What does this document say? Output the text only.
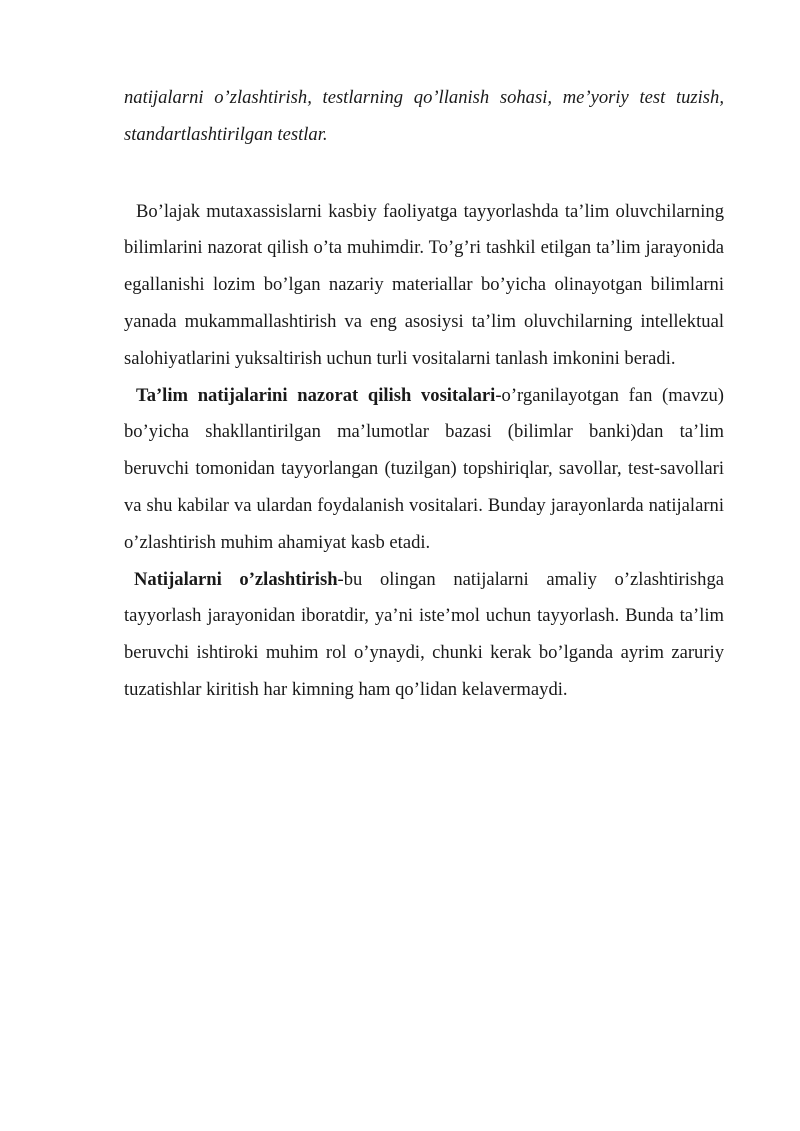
natijalarni o’zlashtirish, testlarning qo’llanish sohasi, me’yoriy test tuzish, standartlashtirilgan testlar.

Bo’lajak mutaxassislarni kasbiy faoliyatga tayyorlashda ta’lim oluvchilarning bilimlarini nazorat qilish o’ta muhimdir. To’g’ri tashkil etilgan ta’lim jarayonida egallanishi lozim bo’lgan nazariy materiallar bo’yicha olinayotgan bilimlarni yanada mukammallashtirish va eng asosiysi ta’lim oluvchilarning intellektual salohiyatlarini yuksaltirish uchun turli vositalarni tanlash imkonini beradi.

Ta’lim natijalarini nazorat qilish vositalari-o’rganilayotgan fan (mavzu) bo’yicha shakllantirilgan ma’lumotlar bazasi (bilimlar banki)dan ta’lim beruvchi tomonidan tayyorlangan (tuzilgan) topshiriqlar, savollar, test-savollari va shu kabilar va ulardan foydalanish vositalari. Bunday jarayonlarda natijalarni o’zlashtirish muhim ahamiyat kasb etadi.

Natijalarni o’zlashtirish-bu olingan natijalarni amaliy o’zlashtirishga tayyorlash jarayonidan iboratdir, ya’ni iste’mol uchun tayyorlash. Bunda ta’lim beruvchi ishtiroki muhim rol o’ynaydi, chunki kerak bo’lganda ayrim zaruriy tuzatishlar kiritish har kimning ham qo’lidan kelavermaydi.
